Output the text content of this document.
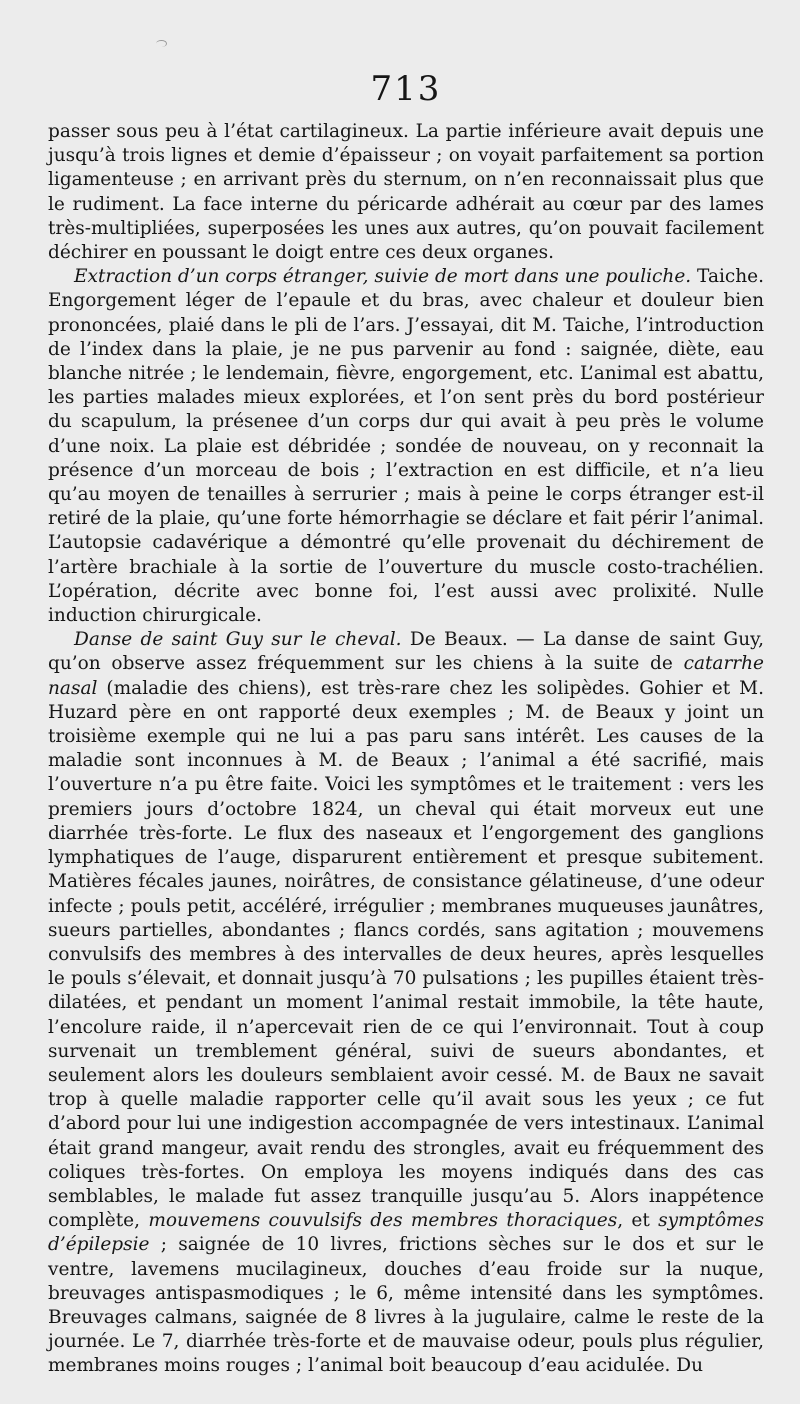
713

passer sous peu à l’état cartilagineux. La partie inférieure avait depuis une jusqu’à trois lignes et demie d’épaisseur ; on voyait parfaitement sa portion ligamenteuse ; en arrivant près du sternum, on n’en reconnaissait plus que le rudiment. La face interne du péricarde adhérait au cœur par des lames très-multipliées, superposées les unes aux autres, qu’on pouvait facilement déchirer en poussant le doigt entre ces deux organes.

Extraction d’un corps étranger, suivie de mort dans une pouliche. Taiche. Engorgement léger de l’epaule et du bras, avec chaleur et douleur bien prononcées, plaié dans le pli de l’ars. J’essayai, dit M. Taiche, l’introduction de l’index dans la plaie, je ne pus parvenir au fond : saignée, diète, eau blanche nitrée ; le lendemain, fièvre, engorgement, etc. L’animal est abattu, les parties malades mieux explorées, et l’on sent près du bord postérieur du scapulum, la présenee d’un corps dur qui avait à peu près le volume d’une noix. La plaie est débridée ; sondée de nouveau, on y reconnait la présence d’un morceau de bois ; l’extraction en est difficile, et n’a lieu qu’au moyen de tenailles à serrurier ; mais à peine le corps étranger est-il retiré de la plaie, qu’une forte hémorrhagie se déclare et fait périr l’animal. L’autopsie cadavérique a démontré qu’elle provenait du déchirement de l’artère brachiale à la sortie de l’ouverture du muscle costo-trachélien. L’opération, décrite avec bonne foi, l’est aussi avec prolixité. Nulle induction chirurgicale.

Danse de saint Guy sur le cheval. De Beaux. — La danse de saint Guy, qu’on observe assez fréquemment sur les chiens à la suite de catarrhe nasal (maladie des chiens), est très-rare chez les solipèdes. Gohier et M. Huzard père en ont rapporté deux exemples ; M. de Beaux y joint un troisième exemple qui ne lui a pas paru sans intérêt. Les causes de la maladie sont inconnues à M. de Beaux ; l’animal a été sacrifié, mais l’ouverture n’a pu être faite. Voici les symptômes et le traitement : vers les premiers jours d’octobre 1824, un cheval qui était morveux eut une diarrhée très-forte. Le flux des naseaux et l’engorgement des ganglions lymphatiques de l’auge, disparurent entièrement et presque subitement. Matières fécales jaunes, noirâtres, de consistance gélatineuse, d’une odeur infecte ; pouls petit, accéléré, irrégulier ; membranes muqueuses jaunâtres, sueurs partielles, abondantes ; flancs cordés, sans agitation ; mouvemens convulsifs des membres à des intervalles de deux heures, après lesquelles le pouls s’élevait, et donnait jusqu’à 70 pulsations ; les pupilles étaient très-dilatées, et pendant un moment l’animal restait immobile, la tête haute, l’encolure raide, il n’apercevait rien de ce qui l’environnait. Tout à coup survenait un tremblement général, suivi de sueurs abondantes, et seulement alors les douleurs semblaient avoir cessé. M. de Baux ne savait trop à quelle maladie rapporter celle qu’il avait sous les yeux ; ce fut d’abord pour lui une indigestion accompagnée de vers intestinaux. L’animal était grand mangeur, avait rendu des strongles, avait eu fréquemment des coliques très-fortes. On employa les moyens indiqués dans des cas semblables, le malade fut assez tranquille jusqu’au 5. Alors inappétence complète, mouvemens couvulsifs des membres thoraciques, et symptômes d’épilepsie ; saignée de 10 livres, frictions sèches sur le dos et sur le ventre, lavemens mucilagineux, douches d’eau froide sur la nuque, breuvages antispasmodiques ; le 6, même intensité dans les symptômes. Breuvages calmans, saignée de 8 livres à la jugulaire, calme le reste de la journée. Le 7, diarrhée très-forte et de mauvaise odeur, pouls plus régulier, membranes moins rouges ; l’animal boit beaucoup d’eau acidulée. Du
